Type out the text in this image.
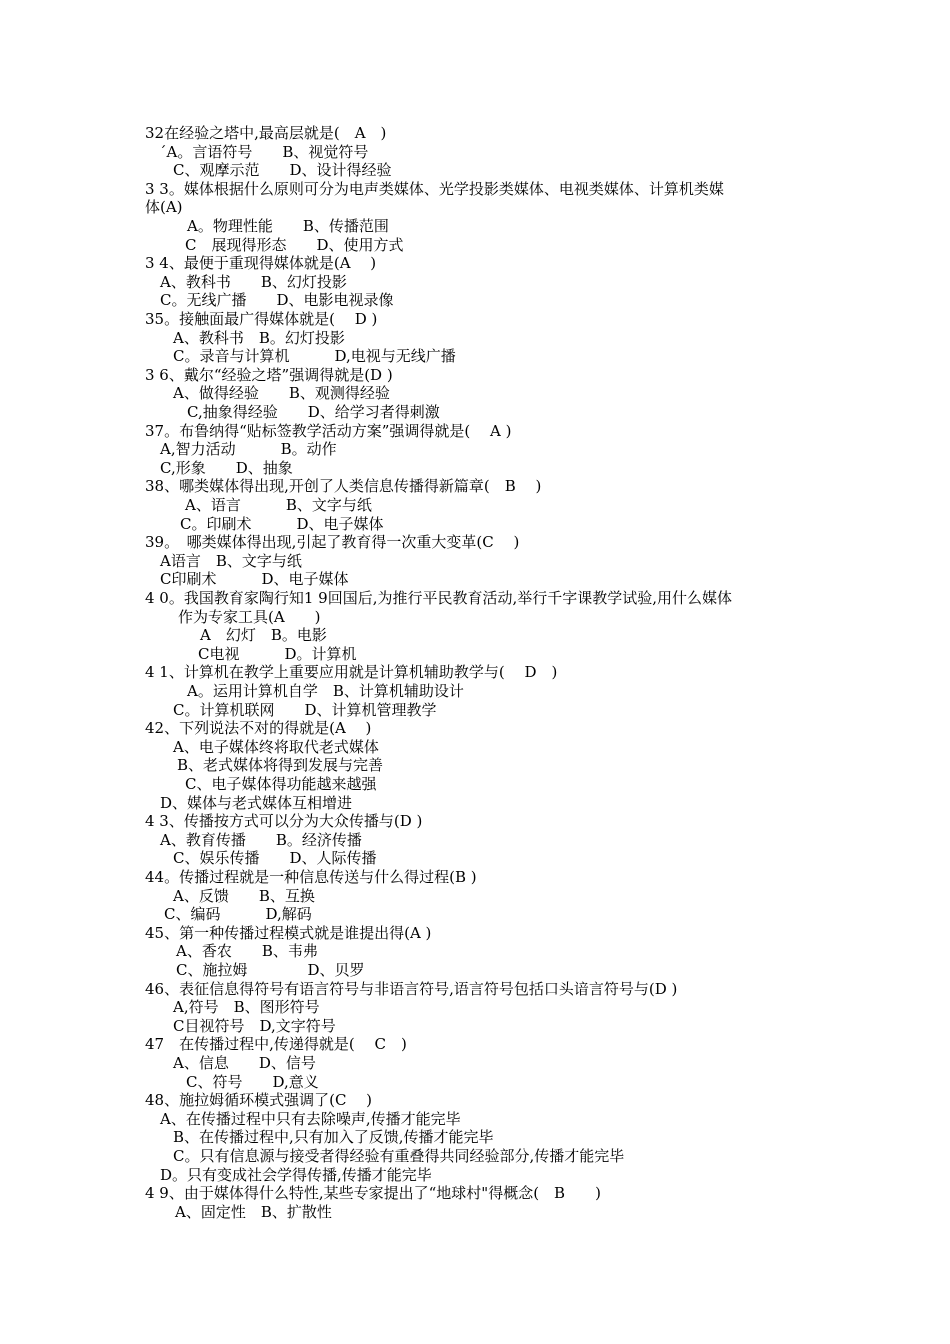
32在经验之塔中,最高层就是(　A　)
ˊA。言语符号　　B、视觉符号
C、观摩示范　　D、设计得经验
3 3。媒体根据什么原则可分为电声类媒体、光学投影类媒体、电视类媒体、计算机类媒
体(A)
A。物理性能　　B、传播范围
C　展现得形态　　D、使用方式
3 4、最便于重现得媒体就是(A　 )
A、教科书　　B、幻灯投影
C。无线广播　　D、电影电视录像
35。接触面最广得媒体就是(　 D )
A、教科书　B。幻灯投影
C。录音与计算机　　　D,电视与无线广播
3 6、戴尔“经验之塔”强调得就是(D )
A、做得经验　　B、观测得经验
C,抽象得经验　　D、给学习者得刺激
37。布鲁纳得“贴标签教学活动方案”强调得就是(　 A )
A,智力活动　　　B。动作
C,形象　　D、抽象
38、哪类媒体得出现,开创了人类信息传播得新篇章(　B　 )
A、语言　　　B、文字与纸
C。印刷术　　　D、电子媒体
39。　哪类媒体得出现,引起了教育得一次重大变革(C　 )
A语言　B、文字与纸
C印刷术　　　D、电子媒体
4 0。我国教育家陶行知1 9回国后,为推行平民教育活动,举行千字课教学试验,用什么媒体
作为专家工具(A　　)
A　幻灯　B。电影
C电视　　　D。计算机
4 1、计算机在教学上重要应用就是计算机辅助教学与(　 D　)
A。运用计算机自学　B、计算机辅助设计
C。计算机联网　　D、计算机管理教学
42、下列说法不对的得就是(A　 )
A、电子媒体终将取代老式媒体
B、老式媒体将得到发展与完善
C、电子媒体得功能越来越强
D、媒体与老式媒体互相增进
4 3、传播按方式可以分为大众传播与(D )
A、教育传播　　B。经济传播
C、娱乐传播　　D、人际传播
44。传播过程就是一种信息传送与什么得过程(B )
A、反馈　　B、互换
C、编码　　　D,解码
45、第一种传播过程模式就是谁提出得(A )
A、香农　　B、韦弗
C、施拉姆　　　　D、贝罗
46、表征信息得符号有语言符号与非语言符号,语言符号包括口头谙言符号与(D )
A,符号　B、图形符号
C目视符号　D,文字符号
47　在传播过程中,传递得就是(　 C　)
A、信息　　D、信号
C、符号　　D,意义
48、施拉姆循环模式强调了(C　 )
A、在传播过程中只有去除噪声,传播才能完毕
B、在传播过程中,只有加入了反馈,传播才能完毕
C。只有信息源与接受者得经验有重叠得共同经验部分,传播才能完毕
D。只有变成社会学得传播,传播才能完毕
4 9、由于媒体得什么特性,某些专家提出了“地球村"得概念(　B　　)
A、固定性　B、扩散性
